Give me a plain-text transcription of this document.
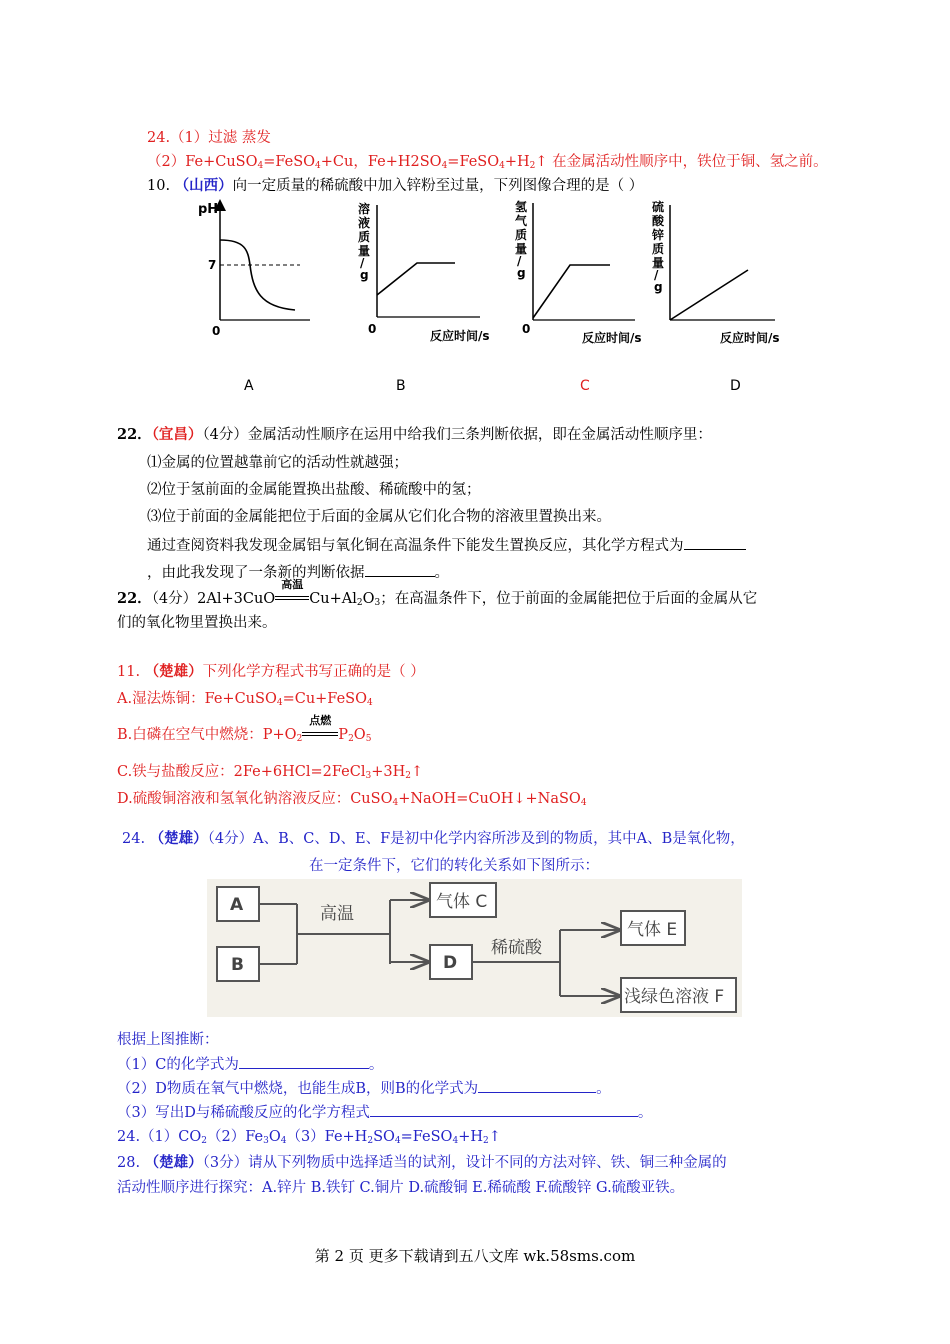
24.（1）过滤 蒸发
（2）Fe+CuSO$_4$=FeSO$_4$+Cu，$Fe+H2SO_4=FeSO_4+H_2↑$ 在金属活动性顺序中，铁位于铜、氢之前。
10. （山西）向一定质量的稀硫酸中加入锌粉至过量，下列图像合理的是（ ）
pH
7
0
溶
液
质
量
/
g
0	反应时间/s
氢
气
质
量
/
g
0
反应时间/s
硫
酸
锌
质
量
/
g
反应时间/s
A	B	C	D
22．（宜昌）（4分）金属活动性顺序在运用中给我们三条判断依据，即在金属活动性顺序里：
⑴金属的位置越靠前它的活动性就越强；
⑵位于氢前面的金属能置换出盐酸、稀硫酸中的氢；
⑶位于前面的金属能把位于后面的金属从它们化合物的溶液里置换出来。
通过查阅资料我发现金属铝与氧化铜在高温条件下能发生置换反应，其化学方程式为
，由此我发现了一条新的判断依据	。
22．（4分）2Al+3CuO
高温
$Cu+Al_2O_3$；在高温条件下，位于前面的金属能把位于后面的金属从它
们的氧化物里置换出来。
11. （楚雄）下列化学方程式书写正确的是（ ）
A.湿法炼铜：Fe+CuSO$_4$=Cu+FeSO$_4$
B.白磷在空气中燃烧：$P+O_2$
点燃
$P_2O_5$
C.铁与盐酸反应：$2Fe+6HCl=2FeCl_3+3H_2↑$
D.硫酸铜溶液和氢氧化钠溶液反应：CuSO$_4$+NaOH=CuOH↓+NaSO$_4$
24. （楚雄）（4分）A、B、C、D、E、F是初中化学内容所涉及到的物质，其中A、B是氧化物，
在一定条件下，它们的转化关系如下图所示：
A
B
高温
气体 C
D
稀硫酸
气体 E
浅绿色溶液 F
根据上图推断：
（1）C的化学式为	。
（2）D物质在氧气中燃烧，也能生成B，则B的化学式为	。
（3）写出D与稀硫酸反应的化学方程式	。
$24.(1)CO_2(2)Fe_3O_4(3)Fe+H_2SO_4=FeSO_4+H_2↑$
28. （楚雄）（3分）请从下列物质中选择适当的试剂，设计不同的方法对锌、铁、铜三种金属的
活动性顺序进行探究：A.锌片 B.铁钉 C.铜片 D.硫酸铜 E.稀硫酸 F.硫酸锌 G.硫酸亚铁。
第 2 页 更多下载请到五八文库 wk.58sms.com
